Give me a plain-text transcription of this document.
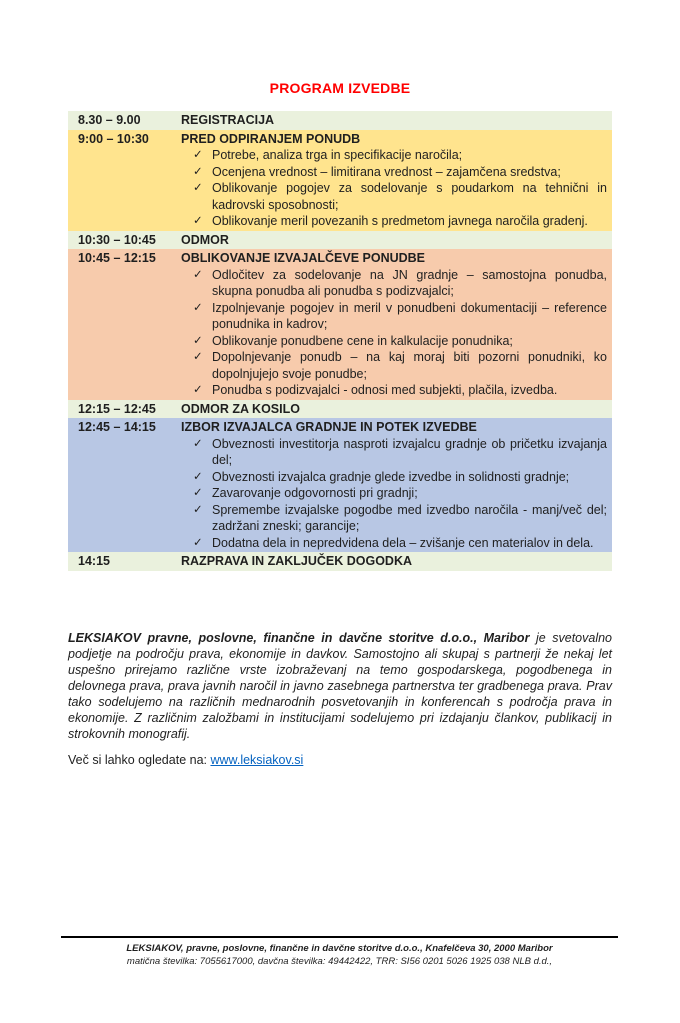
PROGRAM IZVEDBE
8.30 – 9.00	REGISTRACIJA
9:00 – 10:30	PRED ODPIRANJEM PONUDB
✓ Potrebe, analiza trga in specifikacije naročila;
✓ Ocenjena vrednost – limitirana vrednost – zajamčena sredstva;
✓ Oblikovanje pogojev za sodelovanje s poudarkom na tehnični in kadrovski sposobnosti;
✓ Oblikovanje meril povezanih s predmetom javnega naročila gradenj.
10:30 – 10:45	ODMOR
10:45 – 12:15	OBLIKOVANJE IZVAJALČEVE PONUDBE
✓ Odločitev za sodelovanje na JN gradnje – samostojna ponudba, skupna ponudba ali ponudba s podizvajalci;
✓ Izpolnjevanje pogojev in meril v ponudbeni dokumentaciji – reference ponudnika in kadrov;
✓ Oblikovanje ponudbene cene in kalkulacije ponudnika;
✓ Dopolnjevanje ponudb – na kaj moraj biti pozorni ponudniki, ko dopolnjujejo svoje ponudbe;
✓ Ponudba s podizvajalci - odnosi med subjekti, plačila, izvedba.
12:15 – 12:45	ODMOR ZA KOSILO
12:45 – 14:15	IZBOR IZVAJALCA GRADNJE IN POTEK IZVEDBE
✓ Obveznosti investitorja nasproti izvajalcu gradnje ob pričetku izvajanja del;
✓ Obveznosti izvajalca gradnje glede izvedbe in solidnosti gradnje;
✓ Zavarovanje odgovornosti pri gradnji;
✓ Spremembe izvajalske pogodbe med izvedbo naročila - manj/več del; zadržani zneski; garancije;
✓ Dodatna dela in nepredvidena dela – zvišanje cen materialov in dela.
14:15	RAZPRAVA IN ZAKLJUČEK DOGODKA

LEKSIAKOV pravne, poslovne, finančne in davčne storitve d.o.o., Maribor je svetovalno podjetje na področju prava, ekonomije in davkov. Samostojno ali skupaj s partnerji že nekaj let uspešno prirejamo različne vrste izobraževanj na temo gospodarskega, pogodbenega in delovnega prava, prava javnih naročil in javno zasebnega partnerstva ter gradbenega prava. Prav tako sodelujemo na različnih mednarodnih posvetovanjih in konferencah s področja prava in ekonomije. Z različnim založbami in institucijami sodelujemo pri izdajanju člankov, publikacij in strokovnih monografij.

Več si lahko ogledate na: www.leksiakov.si

LEKSIAKOV, pravne, poslovne, finančne in davčne storitve d.o.o., Knafelčeva 30, 2000 Maribor
matična številka: 7055617000, davčna številka: 49442422, TRR: SI56 0201 5026 1925 038 NLB d.d.,
